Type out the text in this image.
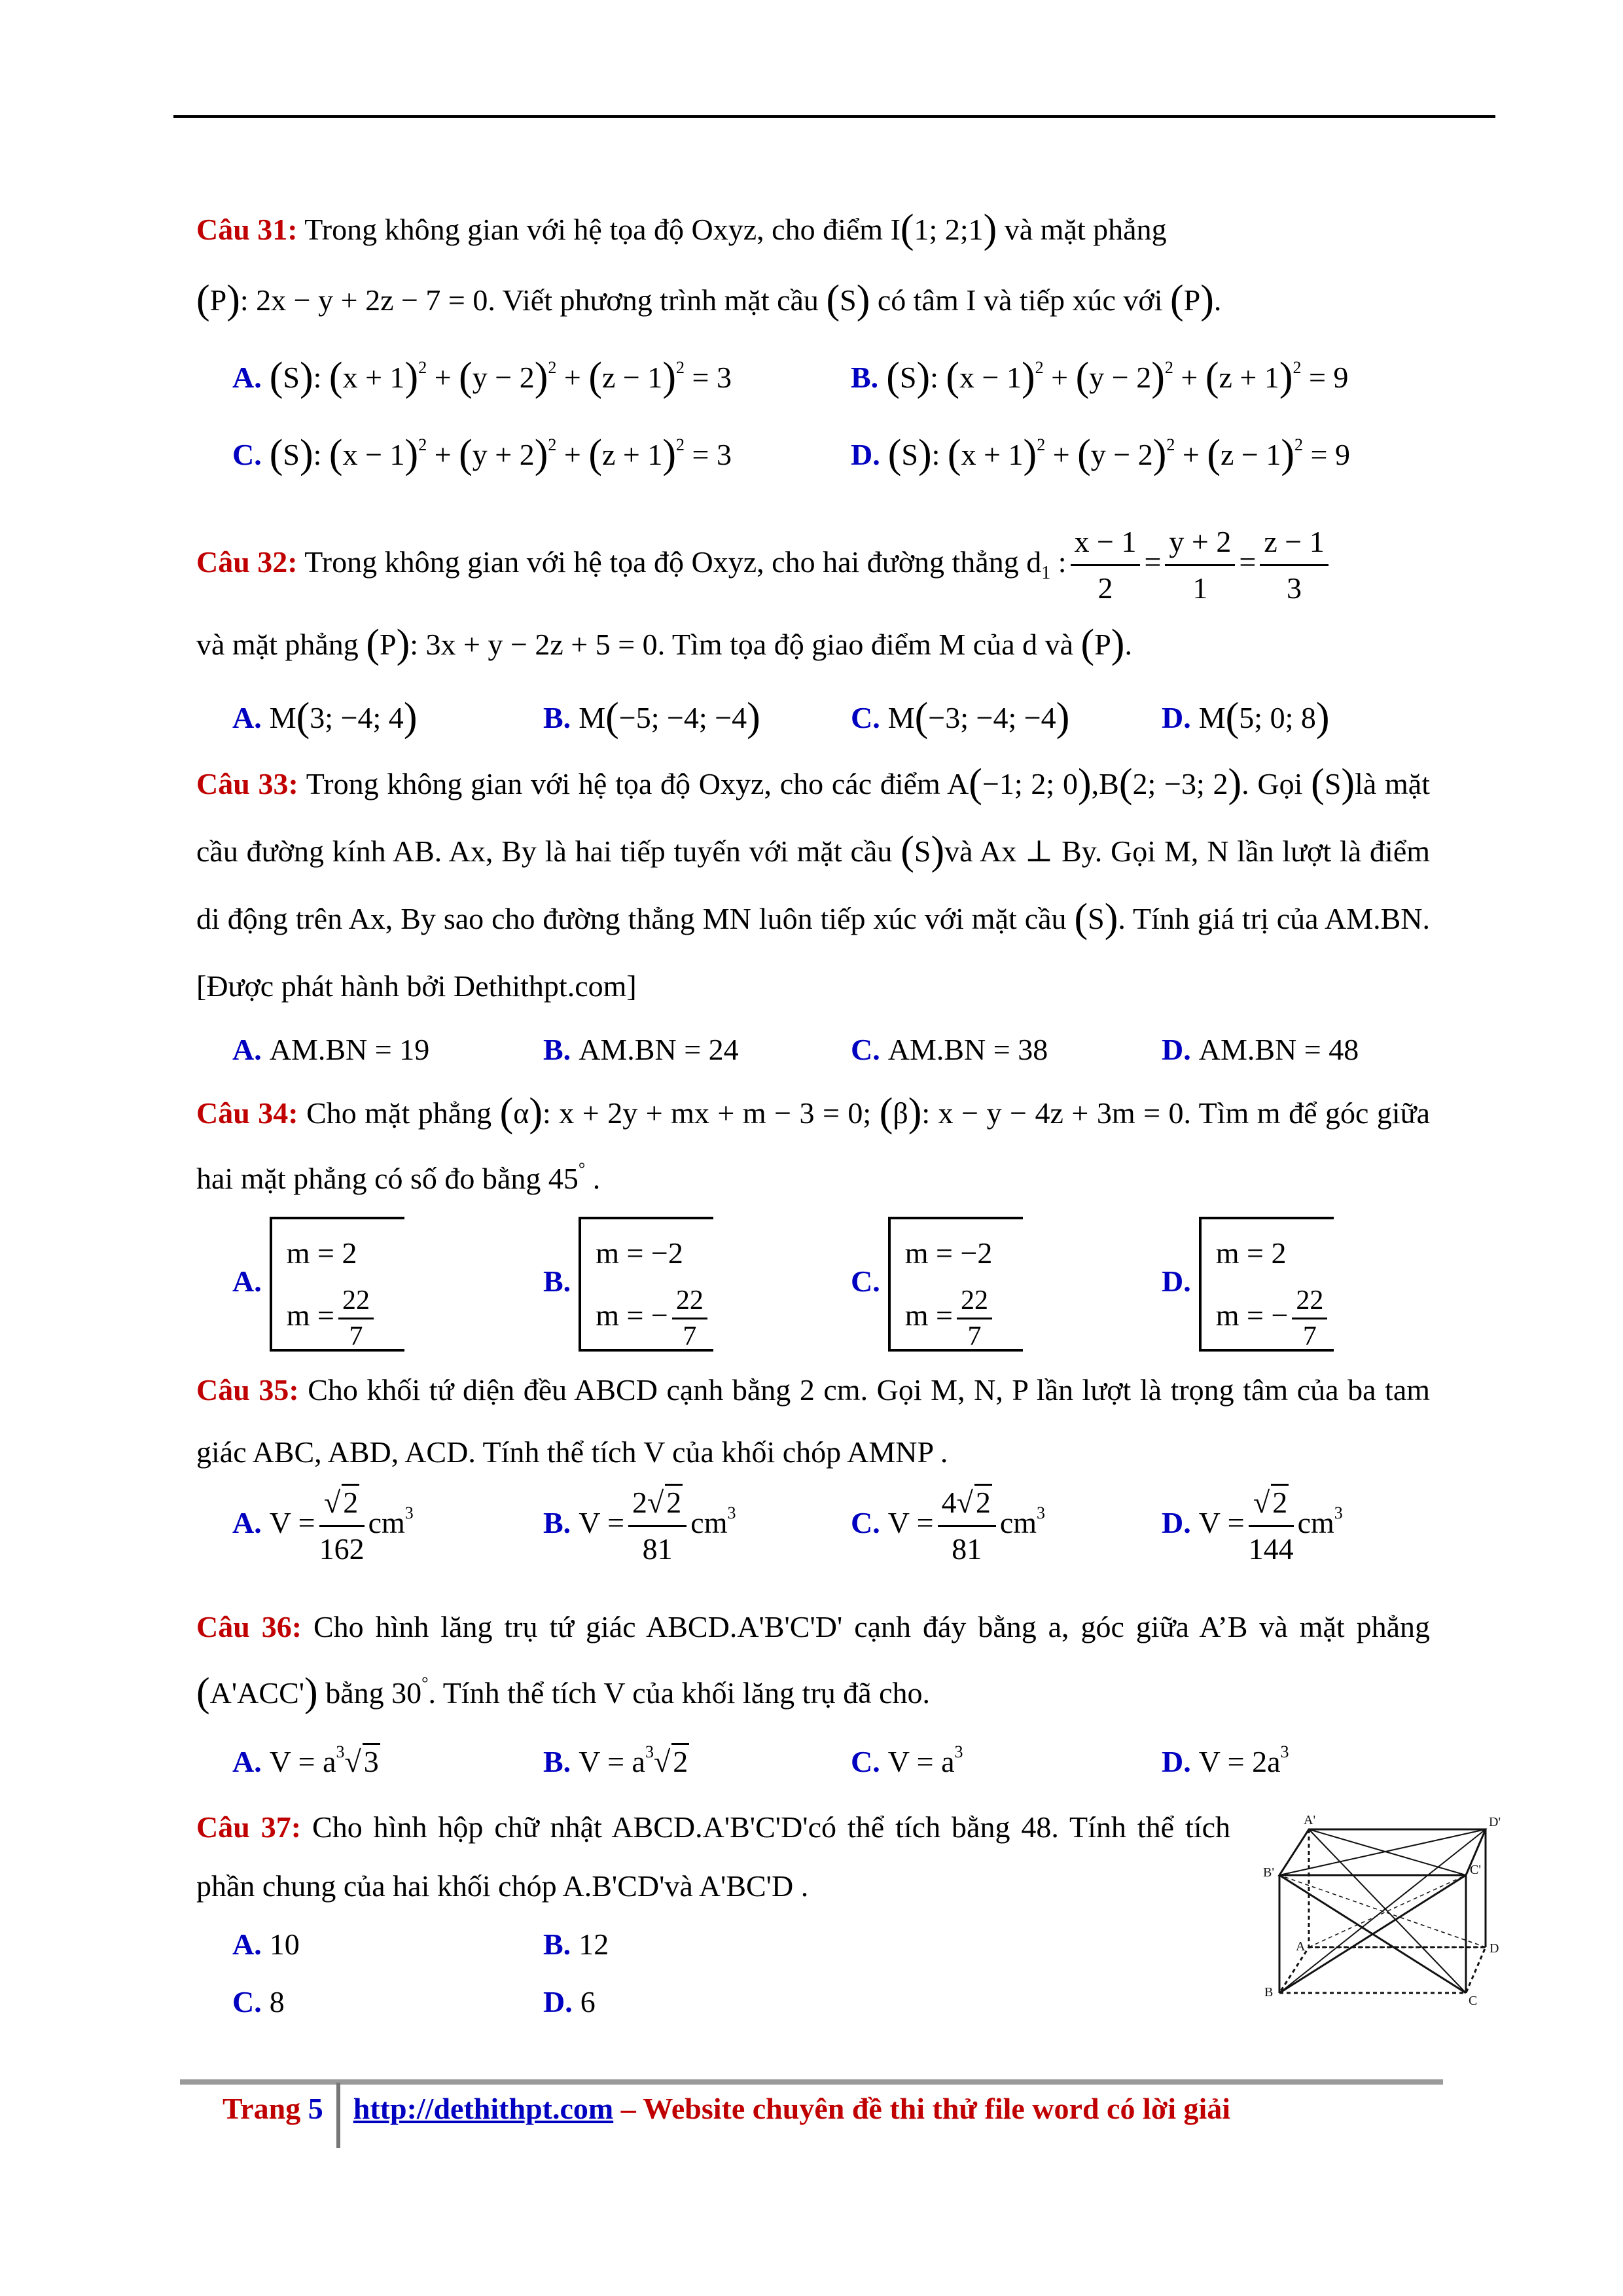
Câu 31: Trong không gian với hệ tọa độ Oxyz, cho điểm I(1; 2;1) và mặt phẳng

(P): 2x − y + 2z − 7 = 0. Viết phương trình mặt cầu (S) có tâm I và tiếp xúc với (P).

A. (S): $(x + 1)^2 + (y - 2)^2 + (z - 1)^2 = 3$	B. (S): $(x - 1)^2 + (y - 2)^2 + (z + 1)^2 = 9$
C. (S): $(x - 1)^2 + (y + 2)^2 + (z + 1)^2 = 3$	D. (S): $(x + 1)^2 + (y - 2)^2 + (z - 1)^2 = 9$

Câu 32: Trong không gian với hệ tọa độ Oxyz, cho hai đường thẳng $d_1$ : $\frac{x - 1}{2} = \frac{y + 2}{1} = \frac{z - 1}{3}$

và mặt phẳng (P): 3x + y − 2z + 5 = 0. Tìm tọa độ giao điểm M của d và (P).

A. M(3; −4; 4)	B. M(−5; −4; −4)	C. M(−3; −4; −4)	D. M(5; 0; 8)

Câu 33: Trong không gian với hệ tọa độ Oxyz, cho các điểm A(−1; 2; 0),B(2; −3; 2). Gọi (S)là mặt cầu đường kính AB. Ax, By là hai tiếp tuyến với mặt cầu (S)và Ax ⊥ By. Gọi M, N lần lượt là điểm di động trên Ax, By sao cho đường thẳng MN luôn tiếp xúc với mặt cầu (S). Tính giá trị của AM.BN. [Được phát hành bởi Dethithpt.com]

A. AM.BN = 19	B. AM.BN = 24	C. AM.BN = 38	D. AM.BN = 48

Câu 34: Cho mặt phẳng (α): x + 2y + mx + m − 3 = 0; (β): x − y − 4z + 3m = 0. Tìm m để góc giữa hai mặt phẳng có số đo bằng 45° .

A.
m = 2
$m = \frac{22}{7}$
B.
m = −2
m = − $\frac{22}{7}$
C.
m = −2
$m = \frac{22}{7}$
D.
m = 2
m = − $\frac{22}{7}$

Câu 35: Cho khối tứ diện đều ABCD cạnh bằng 2 cm. Gọi M, N, P lần lượt là trọng tâm của ba tam giác ABC, ABD, ACD. Tính thể tích V của khối chóp AMNP .

A. $V = \frac{√2}{162} cm^3$	B. $V = \frac{2√2}{81} cm^3$	C. $V = \frac{4√2}{81} cm^3$	D. $V = \frac{√2}{144} cm^3$

Câu 36: Cho hình lăng trụ tứ giác ABCD.A'B'C'D' cạnh đáy bằng a, góc giữa A’B và mặt phẳng (A'ACC') bằng 30°. Tính thể tích V của khối lăng trụ đã cho.

A. $V = a^3√3$	B. $V = a^3√2$	C. $V = a^3$	D. $V = 2a^3$

Câu 37: Cho hình hộp chữ nhật ABCD.A'B'C'D'có thể tích bằng 48. Tính thể tích phần chung của hai khối chóp A.B'CD'và A'BC'D .

A. 10	B. 12
C. 8	D. 6
A'	D'
B'	C'
A	D
B
C
Trang 5	http://dethithpt.com – Website chuyên đề thi thử file word có lời giải
